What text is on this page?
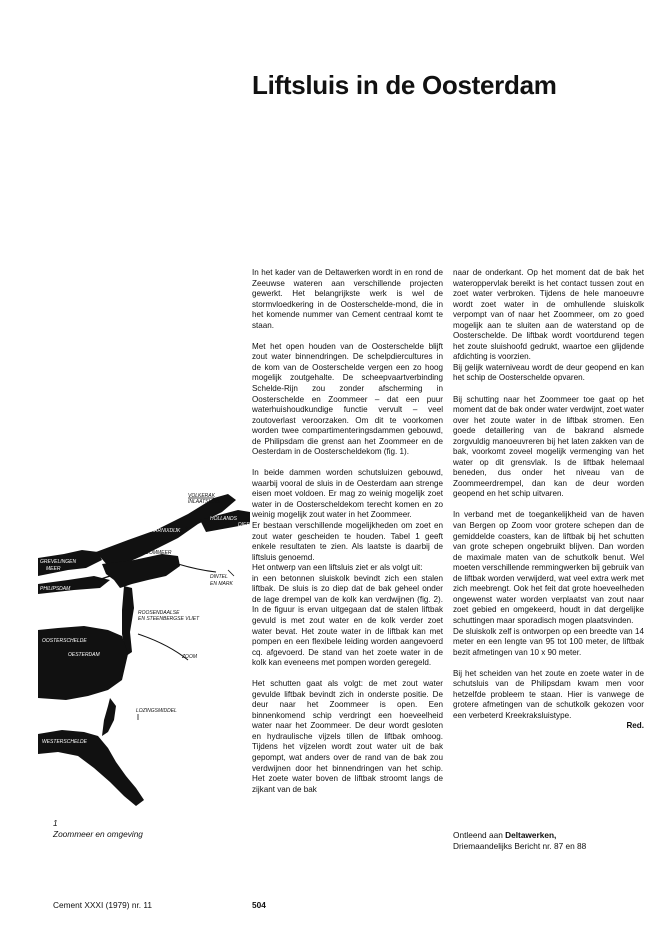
Liftsluis in de Oosterdam

In het kader van de Deltawerken wordt in en rond de Zeeuwse wateren aan verschillende projecten gewerkt. Het belangrijkste werk is wel de stormvloedkering in de Oosterschelde-mond, die in het komende nummer van Cement centraal komt te staan.

Met het open houden van de Oosterschelde blijft zout water binnendringen. De schelpdiercultures in de kom van de Oosterschelde vergen een zo hoog mogelijk zoutgehalte. De scheepvaartverbinding Schelde-Rijn zou zonder afscherming in Oosterschelde en Zoommeer – dat een puur waterhuishoudkundige functie vervult – veel zoutoverlast veroorzaken. Om dit te voorkomen worden twee compartimenteringsdammen gebouwd, de Philipsdam die grenst aan het Zoommeer en de Oesterdam in de Oosterscheldekom (fig. 1).

In beide dammen worden schutsluizen gebouwd, waarbij vooral de sluis in de Oesterdam aan strenge eisen moet voldoen. Er mag zo weinig mogelijk zoet water in de Oosterscheldekom terecht komen en zo weinig mogelijk zout water in het Zoommeer.
Er bestaan verschillende mogelijkheden om zoet en zout water gescheiden te houden. Tabel 1 geeft enkele resultaten te zien. Als laatste is daarbij de liftsluis genoemd.
Het ontwerp van een liftsluis ziet er als volgt uit:
in een betonnen sluiskolk bevindt zich een stalen liftbak. De sluis is zo diep dat de bak geheel onder de lage drempel van de kolk kan verdwijnen (fig. 2). In de figuur is ervan uitgegaan dat de stalen liftbak gevuld is met zout water en de kolk verder zoet water bevat. Het zoute water in de liftbak kan met pompen en een flexibele leiding worden aangevoerd cq. afgevoerd. De stand van het zoete water in de kolk kan eveneens met pompen worden geregeld.

Het schutten gaat als volgt: de met zout water gevulde liftbak bevindt zich in onderste positie. De deur naar het Zoommeer is open. Een binnenkomend schip verdringt een hoeveelheid water naar het Zoommeer. De deur wordt gesloten en hydraulische vijzels tillen de liftbak omhoog. Tijdens het vijzelen wordt zout water uit de bak gepompt, wat anders over de rand van de bak zou verdwijnen door het binnendringen van het schip. Het zoete water boven de liftbak stroomt langs de zijkant van de bak

naar de onderkant. Op het moment dat de bak het wateroppervlak bereikt is het contact tussen zout en zoet water verbroken. Tijdens de hele manoeuvre wordt zoet water in de omhullende sluiskolk verpompt van of naar het Zoommeer, om zo goed mogelijk aan te sluiten aan de waterstand op de Oosterschelde. De liftbak wordt voortdurend tegen het zoute sluishoofd gedrukt, waartoe een glijdende afdichting is voorzien.
Bij gelijk waterniveau wordt de deur geopend en kan het schip de Oosterschelde opvaren.

Bij schutting naar het Zoommeer toe gaat op het moment dat de bak onder water verdwijnt, zoet water over het zoute water in de liftbak stromen. Een goede detaillering van de bakrand alsmede zorgvuldig manoeuvreren bij het laten zakken van de bak, voorkomt zoveel mogelijk vermenging van het water op dit grensvlak. Is de liftbak helemaal beneden, dus onder het niveau van de Zoommeerdrempel, dan kan de deur worden geopend en het schip uitvaren.

In verband met de toegankelijkheid van de haven van Bergen op Zoom voor grotere schepen dan de gemiddelde coasters, kan de liftbak bij het schutten van grote schepen ongebruikt blijven. Dan worden de maximale maten van de schutkolk benut. Wel moeten verschillende remmingwerken bij gebruik van de liftbak worden verwijderd, wat veel extra werk met zich meebrengt. Ook het feit dat grote hoeveelheden ongewenst water worden verplaatst van zout naar zoet gebied en omgekeerd, houdt in dat dergelijke schuttingen maar sporadisch mogen plaatsvinden.
De sluiskolk zelf is ontworpen op een breedte van 14 meter en een lengte van 95 tot 100 meter, de liftbak bezit afmetingen van 10 x 90 meter.

Bij het scheiden van het zoute en zoete water in de schutsluis van de Philipsdam kwam men voor hetzelfde probleem te staan. Hier is vanwege de grotere afmetingen van de schutkolk gekozen voor een verbeterd Kreekraksluistype.

Red.
Ontleend aan Deltawerken,
Driemaandelijks Bericht nr. 87 en 88
VOLKERAK
INLAATSLUIS
MARNIXDIJK
HOLLANDS
DIEP
GREVELINGEN
MEER
ZOOMMEER
PHILIPSDAM
DINTEL
EN MARK
ROOSENDAALSE
EN STEENBERGSE VLIET
OOSTERSCHELDE
OESTERDAM	ZOOM
LOZINGSMIDDEL
WESTERSCHELDE
1
Zoommeer en omgeving
Cement XXXI (1979) nr. 11	504
